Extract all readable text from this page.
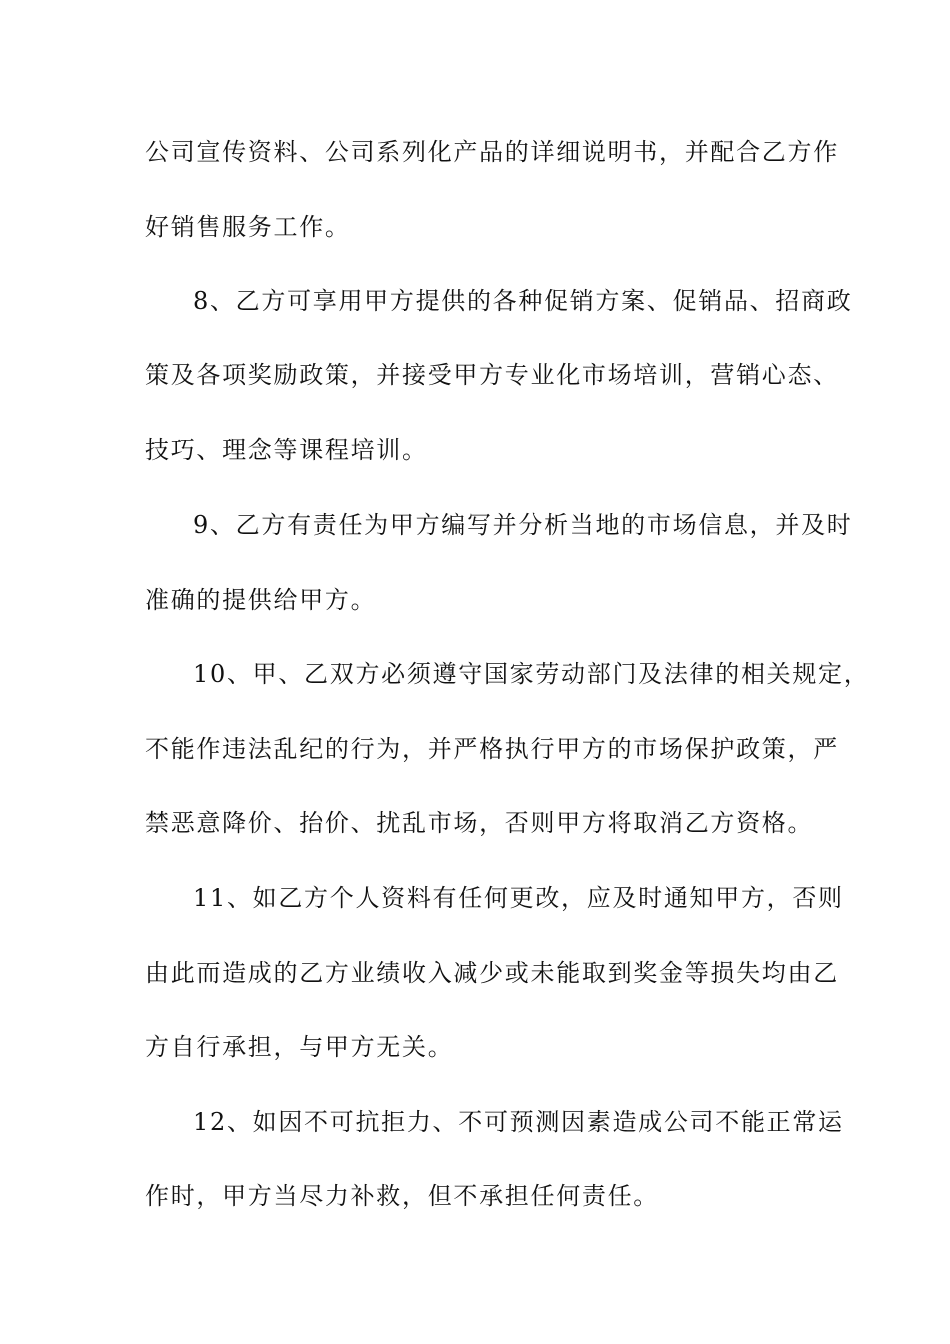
公司宣传资料、公司系列化产品的详细说明书，并配合乙方作

好销售服务工作。

8、乙方可享用甲方提供的各种促销方案、促销品、招商政

策及各项奖励政策，并接受甲方专业化市场培训，营销心态、

技巧、理念等课程培训。

9、乙方有责任为甲方编写并分析当地的市场信息，并及时

准确的提供给甲方。

10、甲、乙双方必须遵守国家劳动部门及法律的相关规定，

不能作违法乱纪的行为，并严格执行甲方的市场保护政策，严

禁恶意降价、抬价、扰乱市场，否则甲方将取消乙方资格。

11、如乙方个人资料有任何更改，应及时通知甲方，否则

由此而造成的乙方业绩收入减少或未能取到奖金等损失均由乙

方自行承担，与甲方无关。

12、如因不可抗拒力、不可预测因素造成公司不能正常运

作时，甲方当尽力补救，但不承担任何责任。
